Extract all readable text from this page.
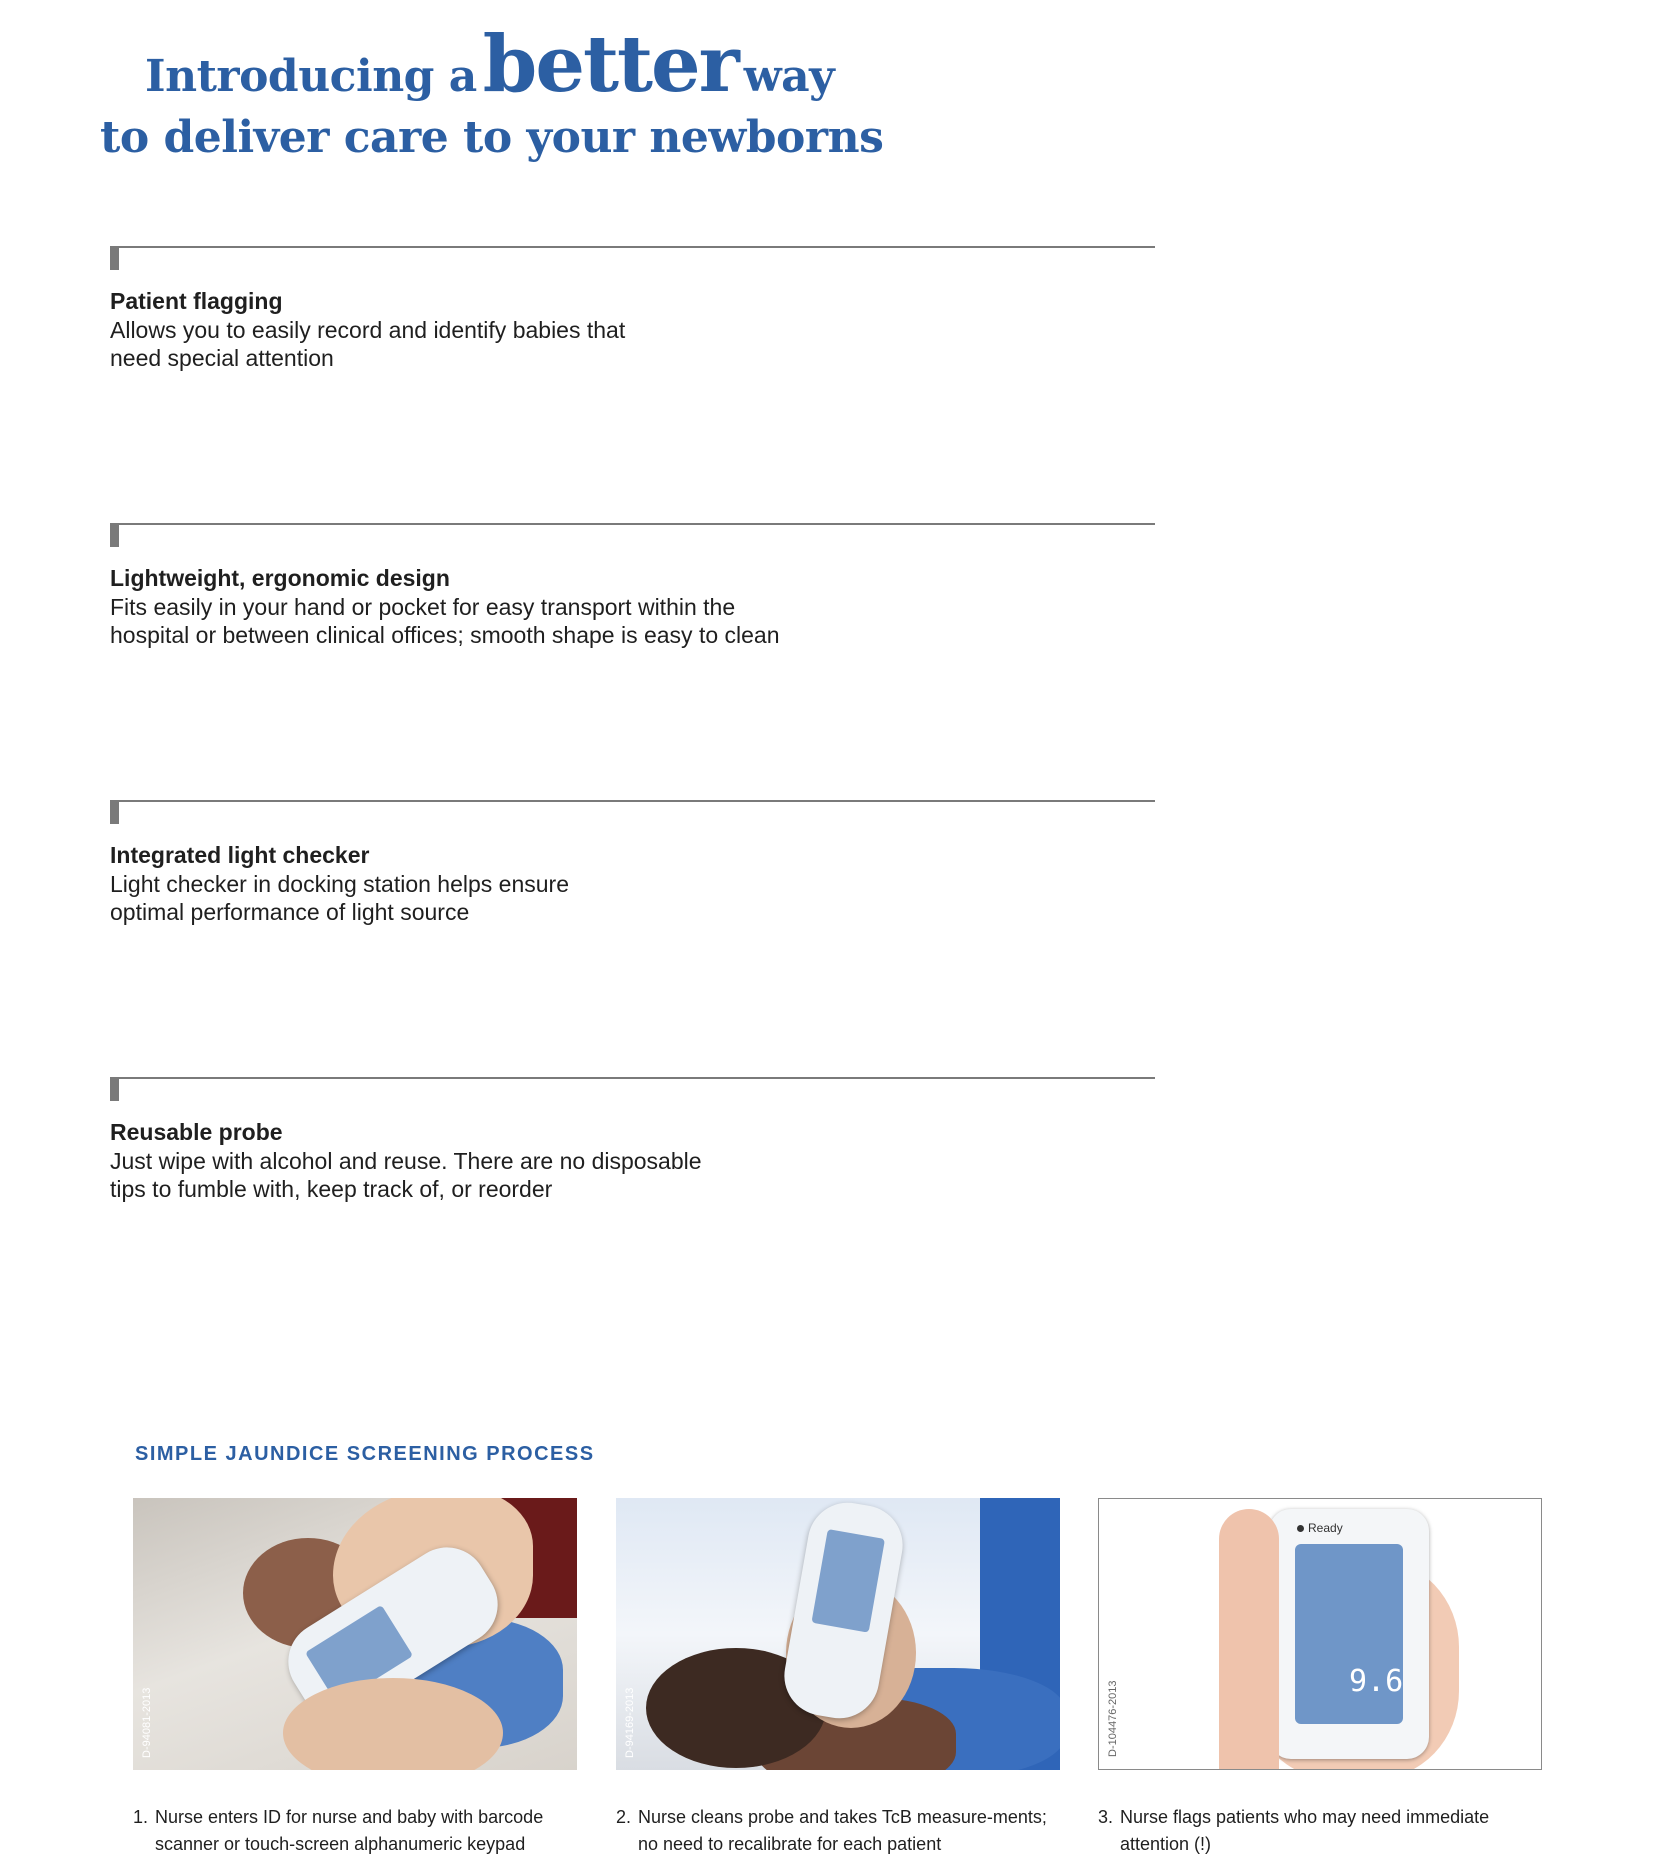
Introducing abetter way
to deliver care to your newborns
Patient flagging
Allows you to easily record and identify babies that
need special attention
Lightweight, ergonomic design
Fits easily in your hand or pocket for easy transport within the
hospital or between clinical offices; smooth shape is easy to clean
Integrated light checker
Light checker in docking station helps ensure
optimal performance of light source
Reusable probe
Just wipe with alcohol and reuse. There are no disposable
tips to fumble with, keep track of, or reorder
SIMPLE JAUNDICE SCREENING PROCESS
D-94081-2013
1. Nurse enters ID for nurse and baby with barcode scanner or touch-screen alphanumeric keypad
D-94169-2013
2. Nurse cleans probe and takes TcB measure-ments; no need to recalibrate for each patient
Ready
9.6
D-104476-2013
3. Nurse flags patients who may need immediate attention (!)
